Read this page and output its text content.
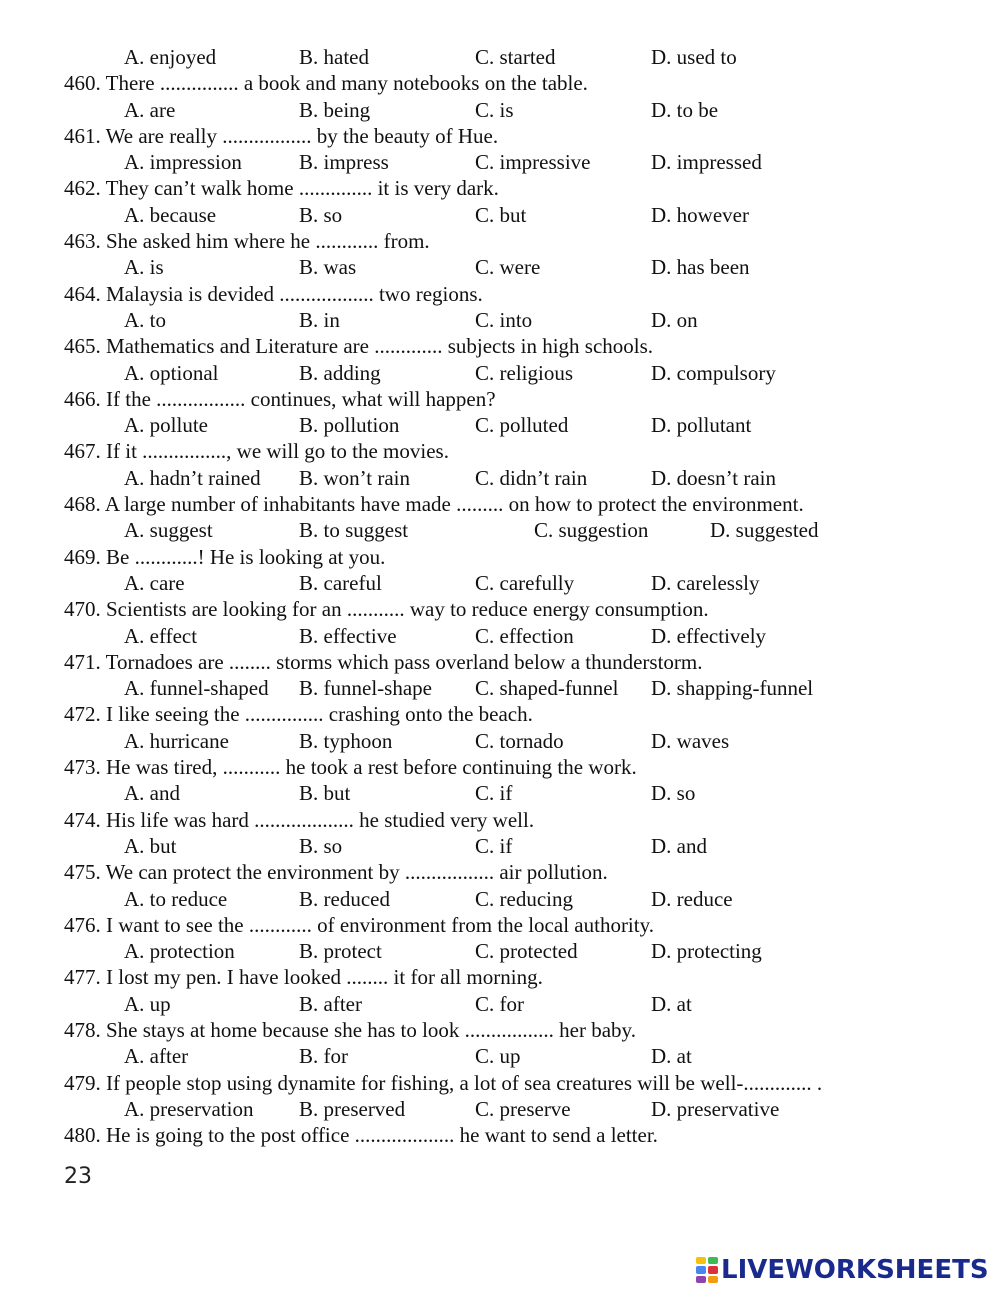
A. enjoyed	B. hated	C. started	D. used to
460. There ............... a book and many notebooks on the table.
A. are	B. being	C. is	D. to be
461. We are really ................. by the beauty of Hue.
A. impression	B. impress	C. impressive	D. impressed
462. They can’t walk home .............. it is very dark.
A. because	B. so	C. but	D. however
463. She asked him where he ............ from.
A. is	B. was	C. were	D. has been
464. Malaysia is devided .................. two regions.
A. to	B. in	C. into	D. on
465. Mathematics and Literature are ............. subjects in high schools.
A. optional	B. adding	C. religious	D. compulsory
466. If the ................. continues, what will happen?
A. pollute	B. pollution	C. polluted	D. pollutant
467. If it ................, we will go to the movies.
A. hadn’t rained B. won’t rain	C. didn’t rain	D. doesn’t rain
468. A large number of inhabitants have made ......... on how to protect the environment.
A. suggest	B. to suggest	C. suggestion	D. suggested
469. Be ............! He is looking at you.
A. care	B. careful	C. carefully	D. carelessly
470. Scientists are looking for an ........... way to reduce energy consumption.
A. effect	B. effective	C. effection	D. effectively
471. Tornadoes are ........ storms which pass overland below a thunderstorm.
A. funnel-shaped B. funnel-shape C. shaped-funnel D. shapping-funnel
472. I like seeing the ............... crashing onto the beach.
A. hurricane	B. typhoon	C. tornado	D. waves
473. He was tired, ........... he took a rest before continuing the work.
A. and	B. but	C. if	D. so
474. His life was hard ................... he studied very well.
A. but	B. so	C. if	D. and
475. We can protect the environment by ................. air pollution.
A. to reduce	B. reduced	C. reducing	D. reduce
476. I want to see the ............ of environment from the local authority.
A. protection	B. protect	C. protected	D. protecting
477. I lost my pen. I have looked ........ it for all morning.
A. up	B. after	C. for	D. at
478. She stays at home because she has to look ................. her baby.
A. after	B. for	C. up	D. at
479. If people stop using dynamite for fishing, a lot of sea creatures will be well-............. .
A. preservation B. preserved	C. preserve	D. preservative
480. He is going to the post office ................... he want to send a letter.
23
LIVEWORKSHEETS
